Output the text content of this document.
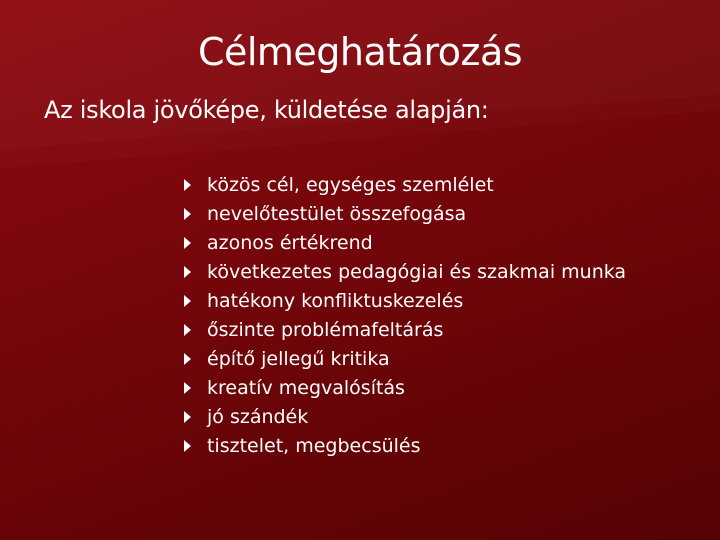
Célmeghatározás
Az iskola jövőképe, küldetése alapján:
közös cél, egységes szemlélet
nevelőtestület összefogása
azonos értékrend
következetes pedagógiai és szakmai munka
hatékony konfliktuskezelés
őszinte problémafeltárás
építő jellegű kritika
kreatív megvalósítás
jó szándék
tisztelet, megbecsülés
